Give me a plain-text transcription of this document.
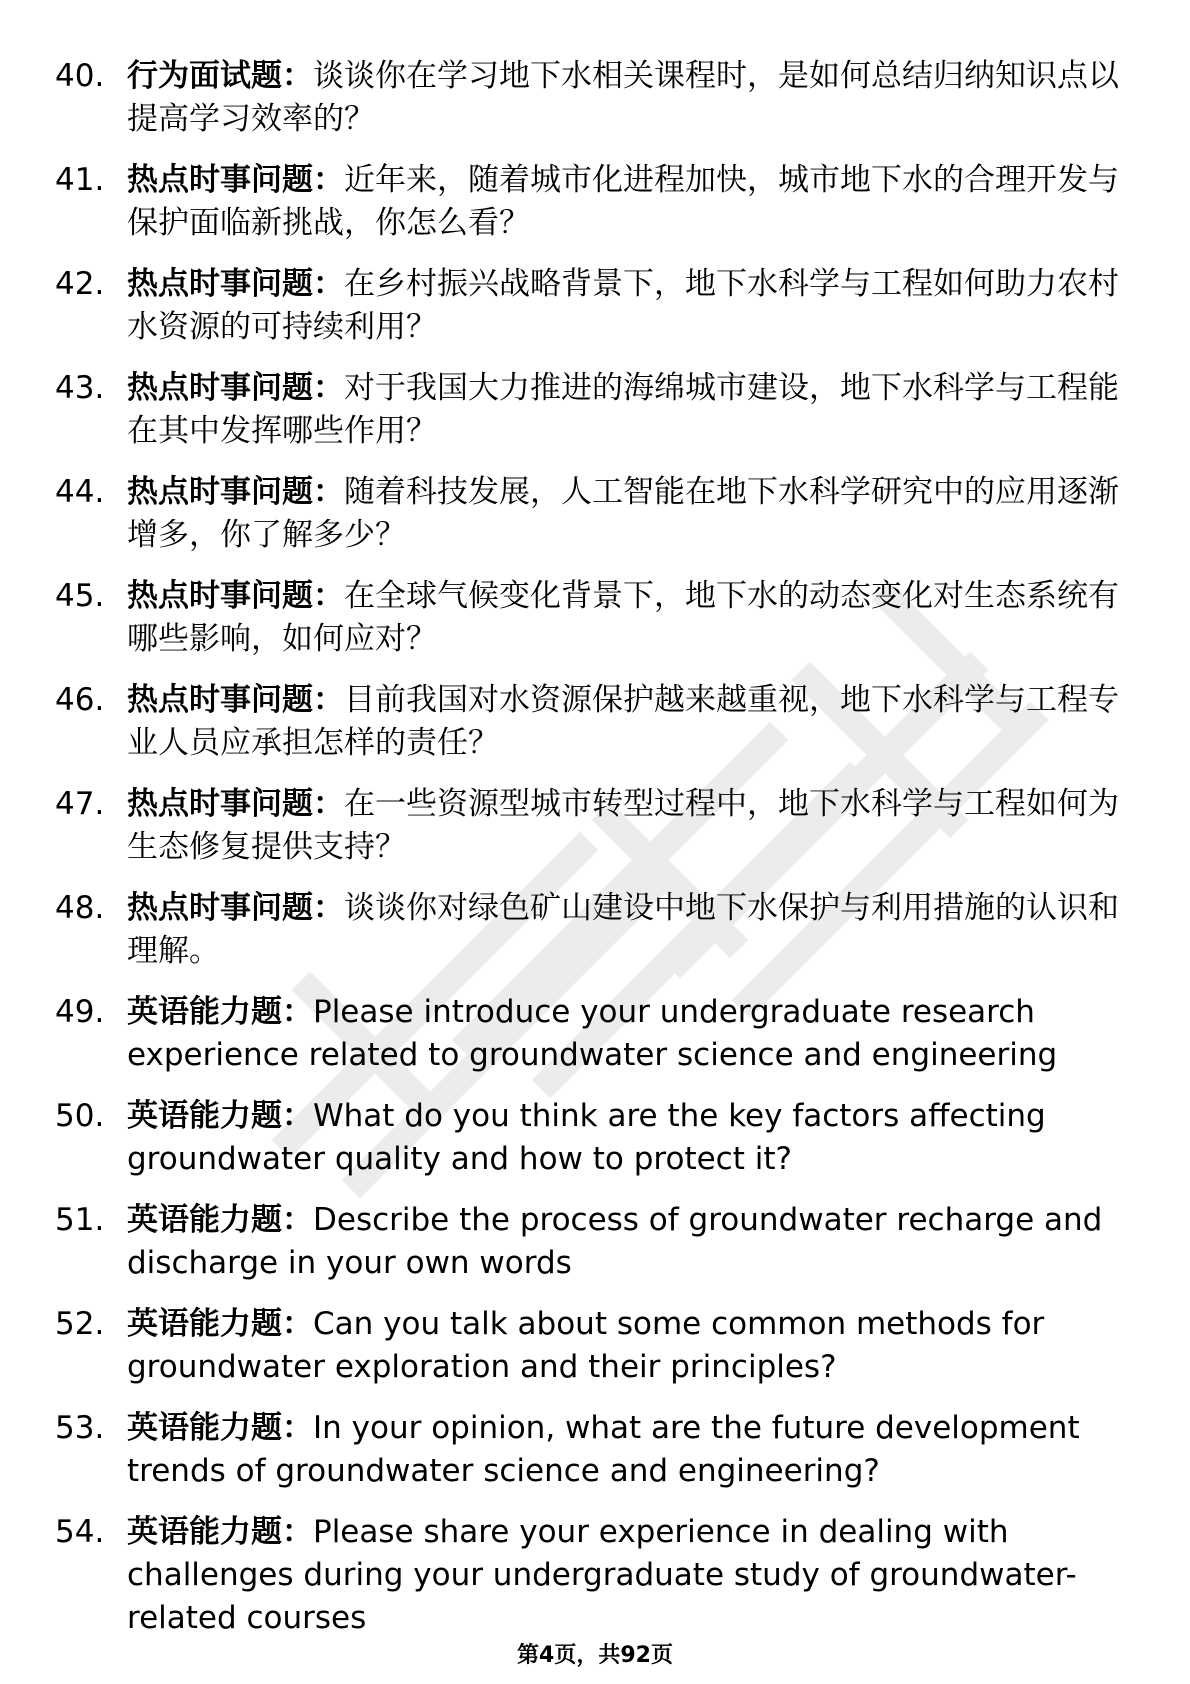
40. 行为面试题：谈谈你在学习地下水相关课程时，是如何总结归纳知识点以提高学习效率的？
41. 热点时事问题：近年来，随着城市化进程加快，城市地下水的合理开发与保护面临新挑战，你怎么看？
42. 热点时事问题：在乡村振兴战略背景下，地下水科学与工程如何助力农村水资源的可持续利用？
43. 热点时事问题：对于我国大力推进的海绵城市建设，地下水科学与工程能在其中发挥哪些作用？
44. 热点时事问题：随着科技发展，人工智能在地下水科学研究中的应用逐渐增多，你了解多少？
45. 热点时事问题：在全球气候变化背景下，地下水的动态变化对生态系统有哪些影响，如何应对？
46. 热点时事问题：目前我国对水资源保护越来越重视，地下水科学与工程专业人员应承担怎样的责任？
47. 热点时事问题：在一些资源型城市转型过程中，地下水科学与工程如何为生态修复提供支持？
48. 热点时事问题：谈谈你对绿色矿山建设中地下水保护与利用措施的认识和理解。
49. 英语能力题：Please introduce your undergraduate research experience related to groundwater science and engineering
50. 英语能力题：What do you think are the key factors affecting groundwater quality and how to protect it?
51. 英语能力题：Describe the process of groundwater recharge and discharge in your own words
52. 英语能力题：Can you talk about some common methods for groundwater exploration and their principles?
53. 英语能力题：In your opinion, what are the future development trends of groundwater science and engineering?
54. 英语能力题：Please share your experience in dealing with challenges during your undergraduate study of groundwater-related courses
第4页，共92页
